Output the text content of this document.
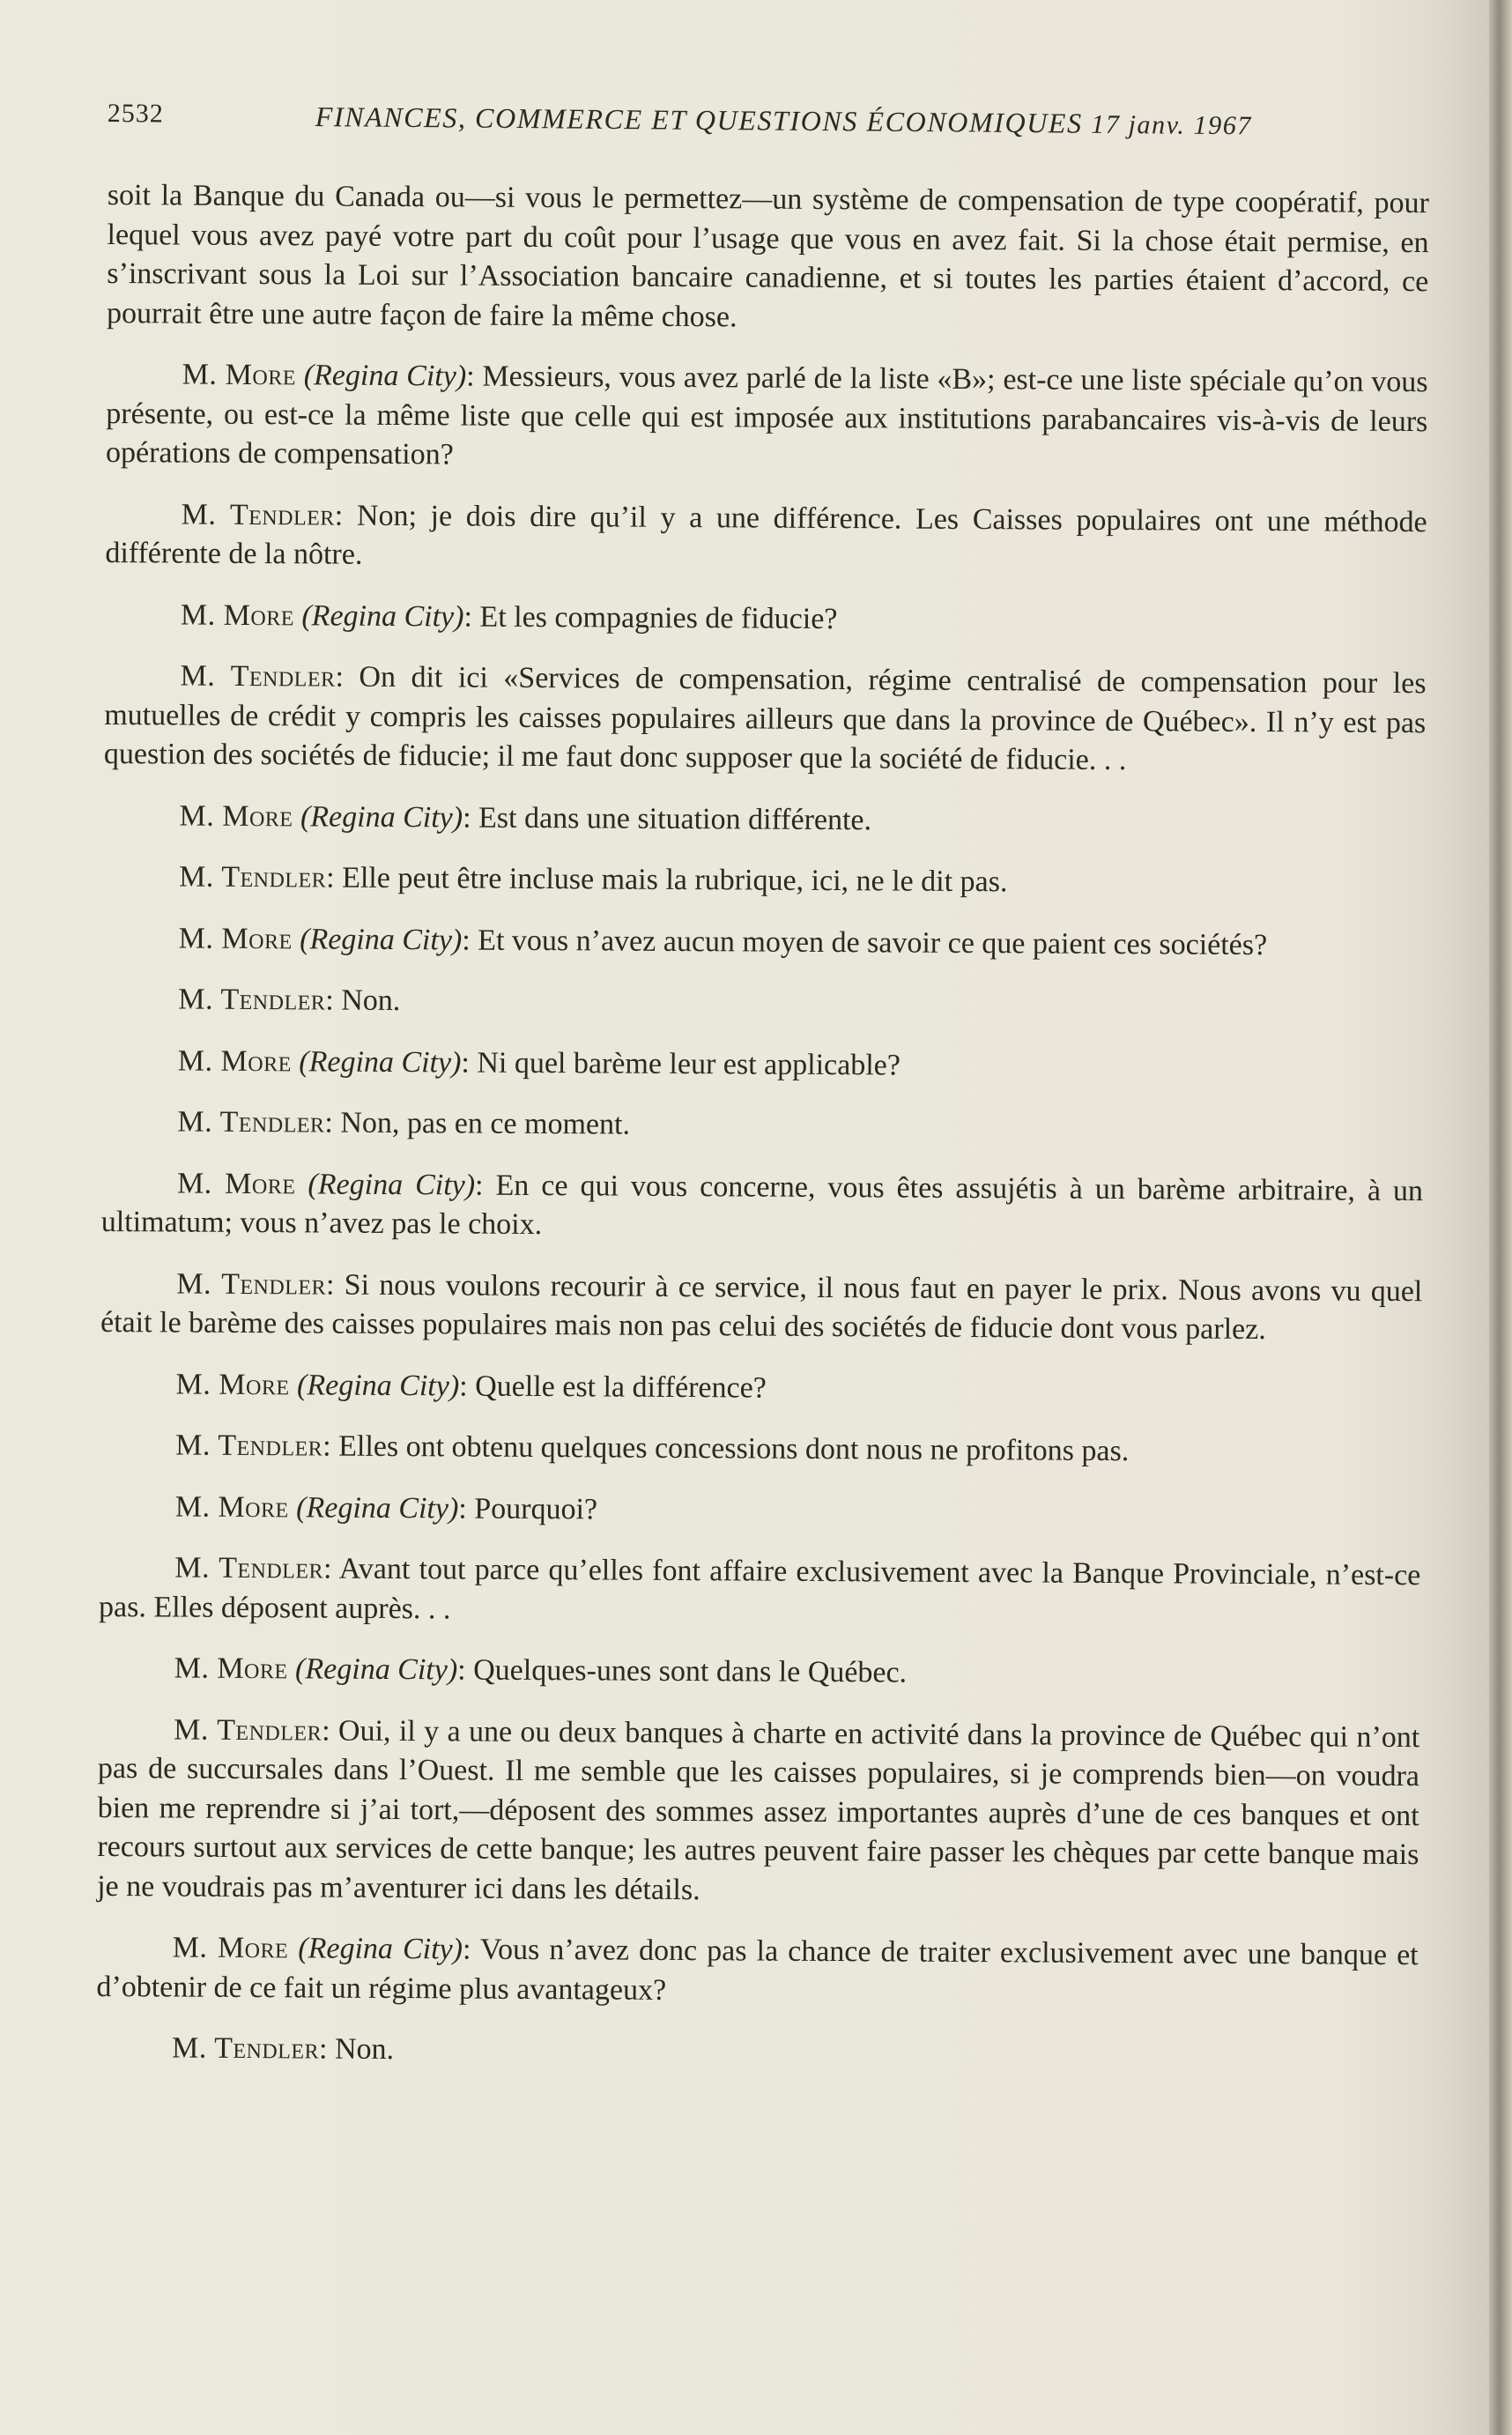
2532	FINANCES, COMMERCE ET QUESTIONS ÉCONOMIQUES 17 janv. 1967

soit la Banque du Canada ou—si vous le permettez—un système de compensation de type coopératif, pour lequel vous avez payé votre part du coût pour l’usage que vous en avez fait. Si la chose était permise, en s’inscrivant sous la Loi sur l’Association bancaire canadienne, et si toutes les parties étaient d’accord, ce pourrait être une autre façon de faire la même chose.

M. More (Regina City): Messieurs, vous avez parlé de la liste «B»; est-ce une liste spéciale qu’on vous présente, ou est-ce la même liste que celle qui est imposée aux institutions parabancaires vis-à-vis de leurs opérations de compensation?

M. Tendler: Non; je dois dire qu’il y a une différence. Les Caisses populaires ont une méthode différente de la nôtre.

M. More (Regina City): Et les compagnies de fiducie?

M. Tendler: On dit ici «Services de compensation, régime centralisé de compensation pour les mutuelles de crédit y compris les caisses populaires ailleurs que dans la province de Québec». Il n’y est pas question des sociétés de fiducie; il me faut donc supposer que la société de fiducie. . .

M. More (Regina City): Est dans une situation différente.

M. Tendler: Elle peut être incluse mais la rubrique, ici, ne le dit pas.

M. More (Regina City): Et vous n’avez aucun moyen de savoir ce que paient ces sociétés?

M. Tendler: Non.

M. More (Regina City): Ni quel barème leur est applicable?

M. Tendler: Non, pas en ce moment.

M. More (Regina City): En ce qui vous concerne, vous êtes assujétis à un barème arbitraire, à un ultimatum; vous n’avez pas le choix.

M. Tendler: Si nous voulons recourir à ce service, il nous faut en payer le prix. Nous avons vu quel était le barème des caisses populaires mais non pas celui des sociétés de fiducie dont vous parlez.

M. More (Regina City): Quelle est la différence?

M. Tendler: Elles ont obtenu quelques concessions dont nous ne profitons pas.

M. More (Regina City): Pourquoi?

M. Tendler: Avant tout parce qu’elles font affaire exclusivement avec la Banque Provinciale, n’est-ce pas. Elles déposent auprès. . .

M. More (Regina City): Quelques-unes sont dans le Québec.

M. Tendler: Oui, il y a une ou deux banques à charte en activité dans la province de Québec qui n’ont pas de succursales dans l’Ouest. Il me semble que les caisses populaires, si je comprends bien—on voudra bien me reprendre si j’ai tort,—déposent des sommes assez importantes auprès d’une de ces banques et ont recours surtout aux services de cette banque; les autres peuvent faire passer les chèques par cette banque mais je ne voudrais pas m’aventurer ici dans les détails.

M. More (Regina City): Vous n’avez donc pas la chance de traiter exclusivement avec une banque et d’obtenir de ce fait un régime plus avantageux?

M. Tendler: Non.
